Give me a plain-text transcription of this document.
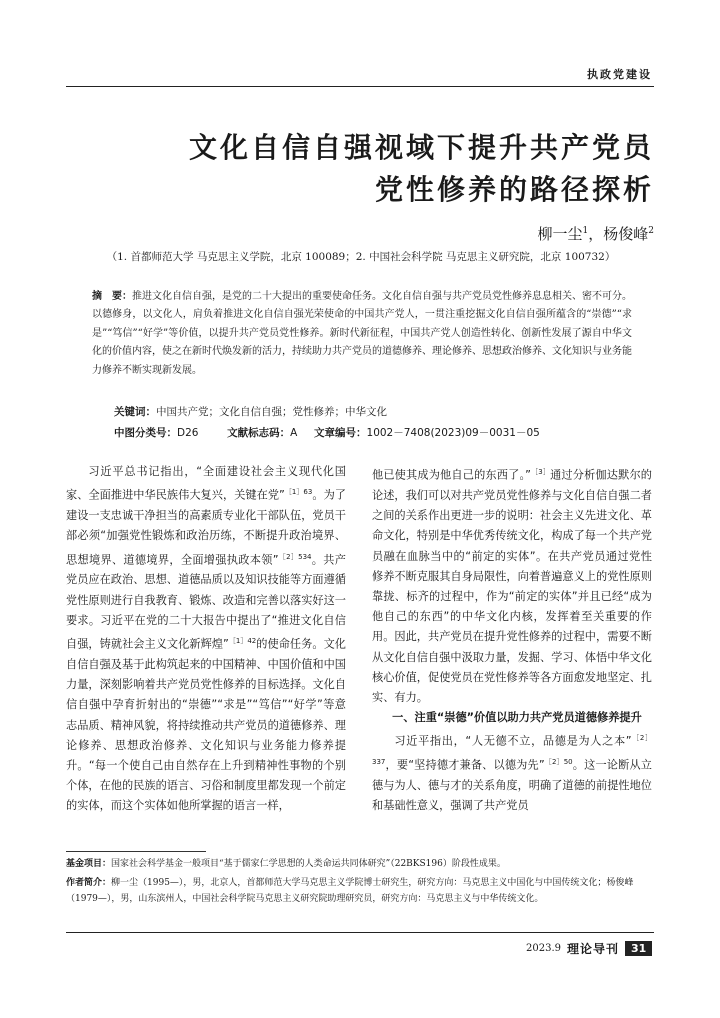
执政党建设
文化自信自强视域下提升共产党员
党性修养的路径探析
柳一尘$^1$，杨俊峰$^2$
（1. 首都师范大学 马克思主义学院，北京 100089；2. 中国社会科学院 马克思主义研究院，北京 100732）
摘　要：推进文化自信自强，是党的二十大提出的重要使命任务。文化自信自强与共产党员党性修养息息相关、密不可分。以德修身，以文化人，肩负着推进文化自信自强光荣使命的中国共产党人，一贯注重挖掘文化自信自强所蕴含的“崇德”“求是”“笃信”“好学”等价值，以提升共产党员党性修养。新时代新征程，中国共产党人创造性转化、创新性发展了源自中华文化的价值内容，使之在新时代焕发新的活力，持续助力共产党员的道德修养、理论修养、思想政治修养、文化知识与业务能力修养不断实现新发展。
关键词：中国共产党；文化自信自强；党性修养；中华文化
中图分类号：D26	文献标志码：A 文章编号：1002－7408(2023)09－0031－05

习近平总书记指出，“全面建设社会主义现代化国家、全面推进中华民族伟大复兴，关键在党”$^{[1]63}$。为了建设一支忠诚干净担当的高素质专业化干部队伍，党员干部必须“加强党性锻炼和政治历练，不断提升政治境界、思想境界、道德境界，全面增强执政本领”$^{[2]534}$。共产党员应在政治、思想、道德品质以及知识技能等方面遵循党性原则进行自我教育、锻炼、改造和完善以落实好这一要求。习近平在党的二十大报告中提出了“推进文化自信自强，铸就社会主义文化新辉煌”$^{[1]42}$的使命任务。文化自信自强及基于此构筑起来的中国精神、中国价值和中国力量，深刻影响着共产党员党性修养的目标选择。文化自信自强中孕育折射出的“崇德”“求是”“笃信”“好学”等意志品质、精神风貌，将持续推动共产党员的道德修养、理论修养、思想政治修养、文化知识与业务能力修养提升。“每一个使自己由自然存在上升到精神性事物的个别个体，在他的民族的语言、习俗和制度里都发现一个前定的实体，而这个实体如他所掌握的语言一样，

他已使其成为他自己的东西了。”$^{[3]}$通过分析伽达默尔的论述，我们可以对共产党员党性修养与文化自信自强二者之间的关系作出更进一步的说明：社会主义先进文化、革命文化，特别是中华优秀传统文化，构成了每一个共产党员融在血脉当中的“前定的实体”。在共产党员通过党性修养不断克服其自身局限性，向着普遍意义上的党性原则靠拢、标齐的过程中，作为“前定的实体”并且已经“成为他自己的东西”的中华文化内核，发挥着至关重要的作用。因此，共产党员在提升党性修养的过程中，需要不断从文化自信自强中汲取力量，发掘、学习、体悟中华文化核心价值，促使党员在党性修养等各方面愈发地坚定、扎实、有力。

一、注重“崇德”价值以助力共产党员道德修养提升

习近平指出，“人无德不立，品德是为人之本”$^{[2]337}$，要“坚持德才兼备、以德为先”$^{[2]50}$。这一论断从立德与为人、德与才的关系角度，明确了道德的前提性地位和基础性意义，强调了共产党员

基金项目：国家社会科学基金一般项目“基于儒家仁学思想的人类命运共同体研究”（22BKS196）阶段性成果。
作者简介：柳一尘（1995—），男，北京人，首都师范大学马克思主义学院博士研究生，研究方向：马克思主义中国化与中国传统文化；杨俊峰（1979—），男，山东滨州人，中国社会科学院马克思主义研究院助理研究员，研究方向：马克思主义与中华传统文化。
2023.9 理论导刊	31
